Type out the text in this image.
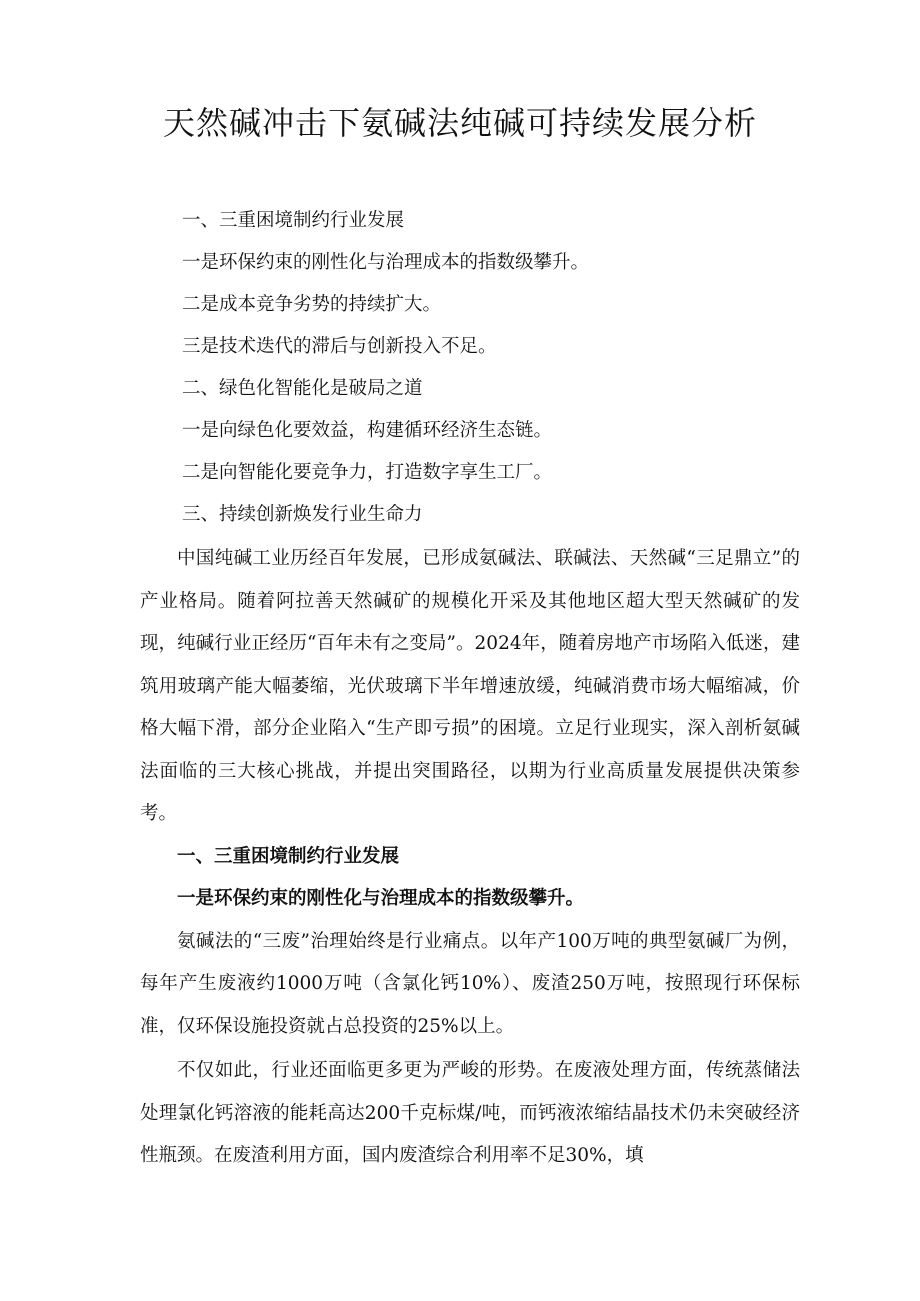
天然碱冲击下氨碱法纯碱可持续发展分析
一、三重困境制约行业发展
一是环保约束的刚性化与治理成本的指数级攀升。
二是成本竞争劣势的持续扩大。
三是技术迭代的滞后与创新投入不足。
二、绿色化智能化是破局之道
一是向绿色化要效益，构建循环经济生态链。
二是向智能化要竞争力，打造数字享生工厂。
三、持续创新焕发行业生命力

中国纯碱工业历经百年发展，已形成氨碱法、联碱法、天然碱“三足鼎立”的产业格局。随着阿拉善天然碱矿的规模化开采及其他地区超大型天然碱矿的发现，纯碱行业正经历“百年未有之变局”。2024年，随着房地产市场陷入低迷，建筑用玻璃产能大幅萎缩，光伏玻璃下半年增速放缓，纯碱消费市场大幅缩减，价格大幅下滑，部分企业陷入“生产即亏损”的困境。立足行业现实，深入剖析氨碱法面临的三大核心挑战，并提出突围路径，以期为行业高质量发展提供决策参考。

一、三重困境制约行业发展

一是环保约束的刚性化与治理成本的指数级攀升。

氨碱法的“三废”治理始终是行业痛点。以年产100万吨的典型氨碱厂为例，每年产生废液约1000万吨（含氯化钙10%）、废渣250万吨，按照现行环保标准，仅环保设施投资就占总投资的25%以上。

不仅如此，行业还面临更多更为严峻的形势。在废液处理方面，传统蒸储法处理氯化钙溶液的能耗高达200千克标煤/吨，而钙液浓缩结晶技术仍未突破经济性瓶颈。在废渣利用方面，国内废渣综合利用率不足30%，填
